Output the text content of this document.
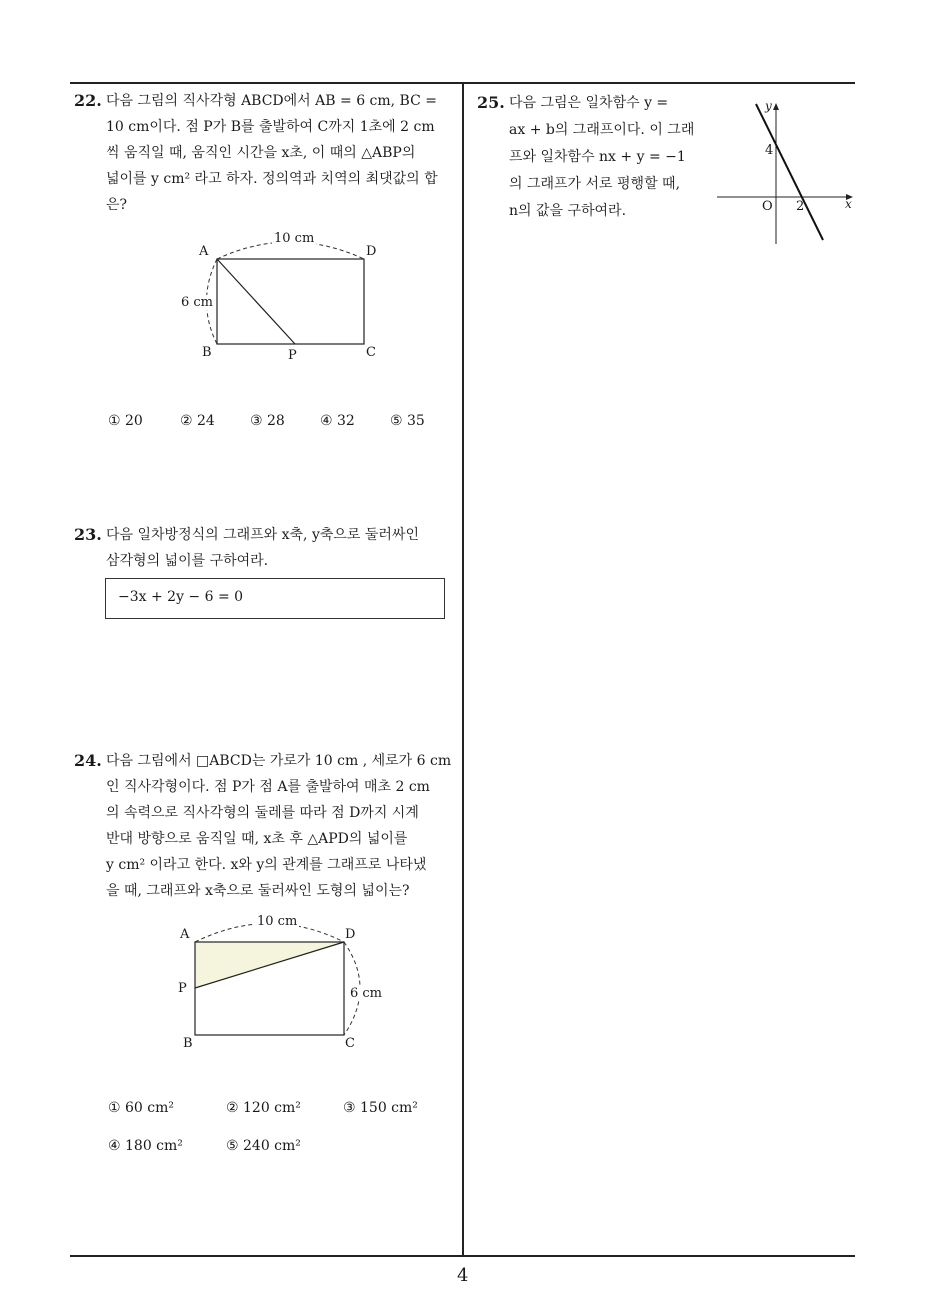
22. 다음 그림의 직사각형 ABCD에서 AB = 6 cm, BC =
10 cm이다. 점 P가 B를 출발하여 C까지 1초에 2 cm
씩 움직일 때, 움직인 시간을 x초, 이 때의 △ABP의
넓이를 y cm² 라고 하자. 정의역과 치역의 최댓값의 합
은?
A	D
B	P	C
10 cm
6 cm
① 20	② 24	③ 28	④ 32	⑤ 35
23. 다음 일차방정식의 그래프와 x축, y축으로 둘러싸인
삼각형의 넓이를 구하여라.
−3x + 2y − 6 = 0
24. 다음 그림에서 □ABCD는 가로가 10 cm , 세로가 6 cm
인 직사각형이다. 점 P가 점 A를 출발하여 매초 2 cm
의 속력으로 직사각형의 둘레를 따라 점 D까지 시계
반대 방향으로 움직일 때, x초 후 △APD의 넓이를
y cm² 이라고 한다. x와 y의 관계를 그래프로 나타냈
을 때, 그래프와 x축으로 둘러싸인 도형의 넓이는?
A	D
P
B	C
10 cm
6 cm
① 60 cm²	② 120 cm²	③ 150 cm²
④ 180 cm²	⑤ 240 cm²
25. 다음 그림은 일차함수 y =
ax + b의 그래프이다. 이 그래
프와 일차함수 nx + y = −1
의 그래프가 서로 평행할 때,
n의 값을 구하여라.	x
y
O
4
2
4
